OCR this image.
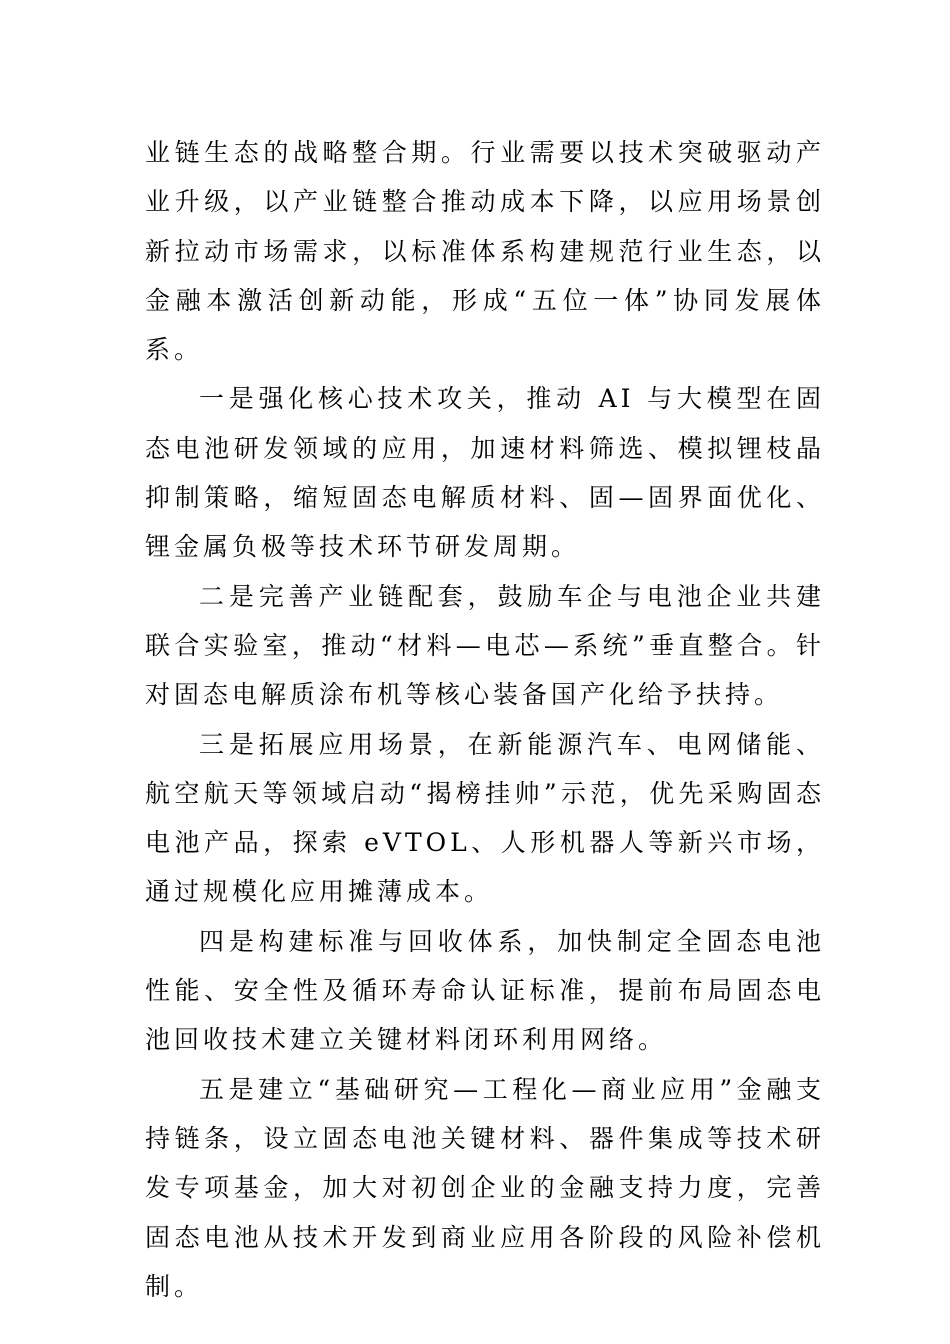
业链生态的战略整合期。行业需要以技术突破驱动产业升级，以产业链整合推动成本下降，以应用场景创新拉动市场需求，以标准体系构建规范行业生态，以金融本激活创新动能，形成“五位一体”协同发展体系。

一是强化核心技术攻关，推动 AI 与大模型在固态电池研发领域的应用，加速材料筛选、模拟锂枝晶抑制策略，缩短固态电解质材料、固—固界面优化、锂金属负极等技术环节研发周期。

二是完善产业链配套，鼓励车企与电池企业共建联合实验室，推动“材料—电芯—系统”垂直整合。针对固态电解质涂布机等核心装备国产化给予扶持。

三是拓展应用场景，在新能源汽车、电网储能、航空航天等领域启动“揭榜挂帅”示范，优先采购固态电池产品，探索 eVTOL、人形机器人等新兴市场，通过规模化应用摊薄成本。

四是构建标准与回收体系，加快制定全固态电池性能、安全性及循环寿命认证标准，提前布局固态电池回收技术建立关键材料闭环利用网络。

五是建立“基础研究—工程化—商业应用”金融支持链条，设立固态电池关键材料、器件集成等技术研发专项基金，加大对初创企业的金融支持力度，完善固态电池从技术开发到商业应用各阶段的风险补偿机制。
